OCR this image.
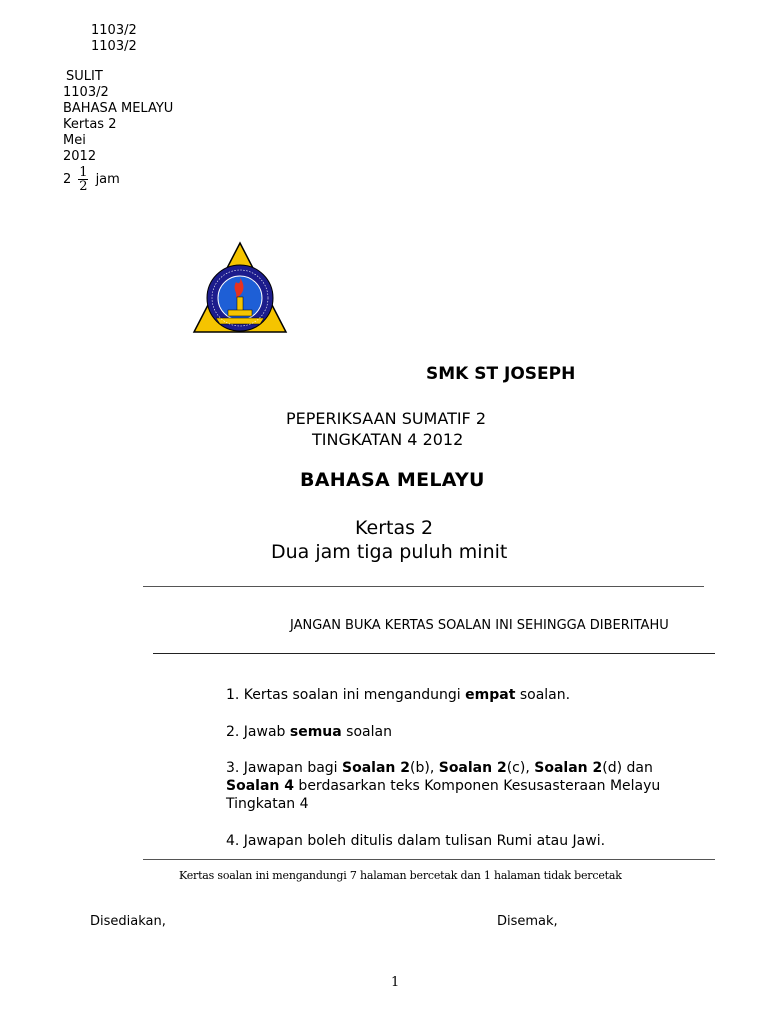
1103/2
1103/2
SULIT
1103/2
BAHASA MELAYU
Kertas 2
Mei
2012
$2 \frac{1}{2}$ jam
SMK ST JOSEPH
PEPERIKSAAN SUMATIF 2
TINGKATAN 4 2012
BAHASA MELAYU
Kertas 2
Dua jam tiga puluh minit
JANGAN BUKA KERTAS SOALAN INI SEHINGGA DIBERITAHU
1. Kertas soalan ini mengandungi empat soalan.
2. Jawab semua soalan
3. Jawapan bagi Soalan 2(b), Soalan 2(c), Soalan 2(d) dan Soalan 4 berdasarkan teks Komponen Kesusasteraan Melayu Tingkatan 4
4. Jawapan boleh ditulis dalam tulisan Rumi atau Jawi.
Kertas soalan ini mengandungi 7 halaman bercetak dan 1 halaman tidak bercetak
Disediakan,	Disemak,
1
